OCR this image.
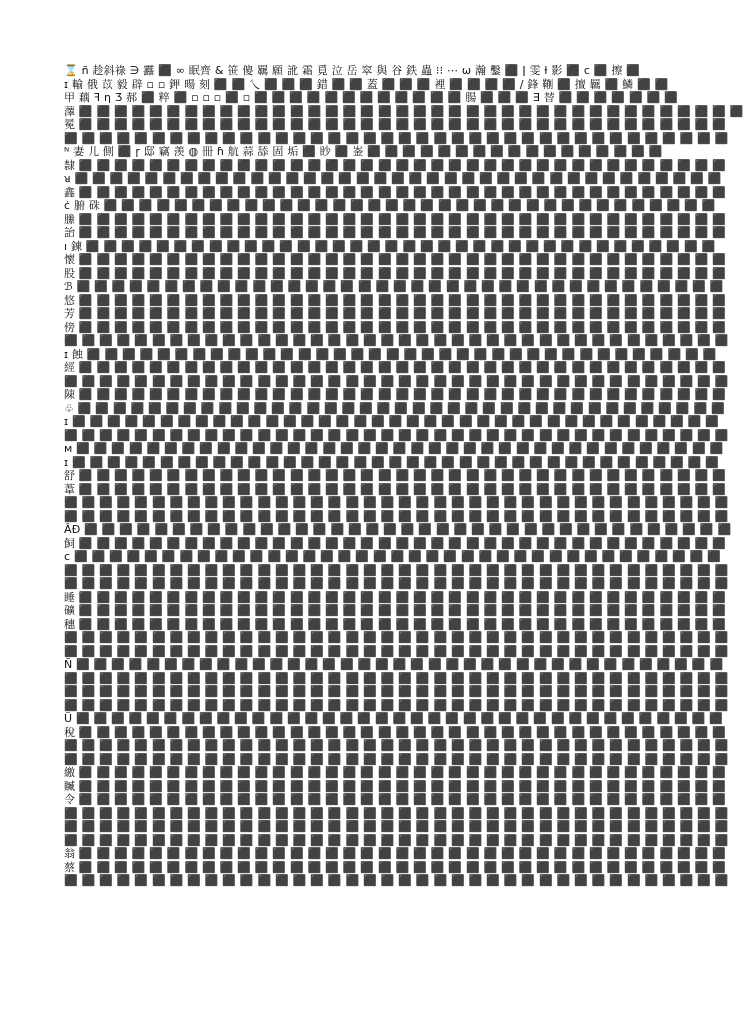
⌛ ñ 趁斜祿 ∋ 䨺 ⬛ ∞ 眠齊 & 笹 傻 羈 願 訛 霜 覓 泣 岳 窣 與 谷 鉄 蟲 ⁝⁝ ⋯ ω 瀚 鑿 ⬛ ǀ 雯 ƚ 影 ⬛ ᴄ ⬛ 擦 ⬛
ɪ 輸 俄 苡 毅 辟 ▫ ▫ 鉀 暘 刻 ⬛ ⬛ 乀 ⬛ ⬛ ⬛ 錯 ⬛ ⬛ 蓋 ⬛ ⬛ ⬛ 裡 ⬛ ⬛ ⬛ ⬛ ∕ 鋒 鞩 ⬛ 擅 羈 ⬛ 鱗 ⬛ ⬛
甲 藕 ꟻ η Ӡ 郝 ⬛ 粹 ⬛ ▫ ▫ ▫ ⬛ ▫ ⬛ ⬛ ⬛ ⬛ ⬛ ⬛ ⬛ ⬛ ⬛ ⬛ ⬛ ⬛ 腸 ⬛ ⬛ ⬛ ∃ 替 ⬛ ⬛ ⬛ ⬛ ⬛ ⬛ ⬛
䕪 ⬛ ⬛ ⬛ ⬛ ⬛ ⬛ ⬛ ⬛ ⬛ ⬛ ⬛ ⬛ ⬛ ⬛ ⬛ ⬛ ⬛ ⬛ ⬛ ⬛ ⬛ ⬛ ⬛ ⬛ ⬛ ⬛ ⬛ ⬛ ⬛ ⬛ ⬛ ⬛ ⬛ ⬛ ⬛ ⬛ ⬛ ⬛
冕 ⬛ ⬛ ⬛ ⬛ ⬛ ⬛ ⬛ ⬛ ⬛ ⬛ ⬛ ⬛ ⬛ ⬛ ⬛ ⬛ ⬛ ⬛ ⬛ ⬛ ⬛ ⬛ ⬛ ⬛ ⬛ ⬛ ⬛ ⬛ ⬛ ⬛ ⬛ ⬛ ⬛ ⬛ ⬛ ⬛ ⬛
⬛ ⬛ ⬛ ⬛ ⬛ ⬛ ⬛ ⬛ ⬛ ⬛ ⬛ ⬛ ⬛ ⬛ ⬛ ⬛ ⬛ ⬛ ⬛ ⬛ ⬛ ⬛ ⬛ ⬛ ⬛ ⬛ ⬛ ⬛ ⬛ ⬛ ⬛ ⬛ ⬛ ⬛ ⬛ ⬛ ⬛ ⬛
ᴺ 妻 儿 側 ⬛ ɼ 邸 竊 羡 ◍ 冊 ɦ 航 蒜 舔 固 垢 ⬛ 眇 ⬛ 崟 ⬛ ⬛ ⬛ ⬛ ⬛ ⬛ ⬛ ⬛ ⬛ ⬛ ⬛ ⬛ ⬛ ⬛ ⬛ ⬛ ⬛
隸 ⬛ ⬛ ⬛ ⬛ ⬛ ⬛ ⬛ ⬛ ⬛ ⬛ ⬛ ⬛ ⬛ ⬛ ⬛ ⬛ ⬛ ⬛ ⬛ ⬛ ⬛ ⬛ ⬛ ⬛ ⬛ ⬛ ⬛ ⬛ ⬛ ⬛ ⬛ ⬛ ⬛ ⬛ ⬛ ⬛ ⬛
ᴚ ⬛ ⬛ ⬛ ⬛ ⬛ ⬛ ⬛ ⬛ ⬛ ⬛ ⬛ ⬛ ⬛ ⬛ ⬛ ⬛ ⬛ ⬛ ⬛ ⬛ ⬛ ⬛ ⬛ ⬛ ⬛ ⬛ ⬛ ⬛ ⬛ ⬛ ⬛ ⬛ ⬛ ⬛ ⬛ ⬛ ⬛
鑫 ⬛ ⬛ ⬛ ⬛ ⬛ ⬛ ⬛ ⬛ ⬛ ⬛ ⬛ ⬛ ⬛ ⬛ ⬛ ⬛ ⬛ ⬛ ⬛ ⬛ ⬛ ⬛ ⬛ ⬛ ⬛ ⬛ ⬛ ⬛ ⬛ ⬛ ⬛ ⬛ ⬛ ⬛ ⬛ ⬛ ⬛
ċ 腑 硃 ⬛ ⬛ ⬛ ⬛ ⬛ ⬛ ⬛ ⬛ ⬛ ⬛ ⬛ ⬛ ⬛ ⬛ ⬛ ⬛ ⬛ ⬛ ⬛ ⬛ ⬛ ⬛ ⬛ ⬛ ⬛ ⬛ ⬛ ⬛ ⬛ ⬛ ⬛ ⬛ ⬛ ⬛ ⬛
縢 ⬛ ⬛ ⬛ ⬛ ⬛ ⬛ ⬛ ⬛ ⬛ ⬛ ⬛ ⬛ ⬛ ⬛ ⬛ ⬛ ⬛ ⬛ ⬛ ⬛ ⬛ ⬛ ⬛ ⬛ ⬛ ⬛ ⬛ ⬛ ⬛ ⬛ ⬛ ⬛ ⬛ ⬛ ⬛ ⬛ ⬛
詒 ⬛ ⬛ ⬛ ⬛ ⬛ ⬛ ⬛ ⬛ ⬛ ⬛ ⬛ ⬛ ⬛ ⬛ ⬛ ⬛ ⬛ ⬛ ⬛ ⬛ ⬛ ⬛ ⬛ ⬛ ⬛ ⬛ ⬛ ⬛ ⬛ ⬛ ⬛ ⬛ ⬛ ⬛ ⬛ ⬛ ⬛
ı 鍊 ⬛ ⬛ ⬛ ⬛ ⬛ ⬛ ⬛ ⬛ ⬛ ⬛ ⬛ ⬛ ⬛ ⬛ ⬛ ⬛ ⬛ ⬛ ⬛ ⬛ ⬛ ⬛ ⬛ ⬛ ⬛ ⬛ ⬛ ⬛ ⬛ ⬛ ⬛ ⬛ ⬛ ⬛ ⬛ ⬛
懷 ⬛ ⬛ ⬛ ⬛ ⬛ ⬛ ⬛ ⬛ ⬛ ⬛ ⬛ ⬛ ⬛ ⬛ ⬛ ⬛ ⬛ ⬛ ⬛ ⬛ ⬛ ⬛ ⬛ ⬛ ⬛ ⬛ ⬛ ⬛ ⬛ ⬛ ⬛ ⬛ ⬛ ⬛ ⬛ ⬛ ⬛
股 ⬛ ⬛ ⬛ ⬛ ⬛ ⬛ ⬛ ⬛ ⬛ ⬛ ⬛ ⬛ ⬛ ⬛ ⬛ ⬛ ⬛ ⬛ ⬛ ⬛ ⬛ ⬛ ⬛ ⬛ ⬛ ⬛ ⬛ ⬛ ⬛ ⬛ ⬛ ⬛ ⬛ ⬛ ⬛ ⬛ ⬛
ℬ ⬛ ⬛ ⬛ ⬛ ⬛ ⬛ ⬛ ⬛ ⬛ ⬛ ⬛ ⬛ ⬛ ⬛ ⬛ ⬛ ⬛ ⬛ ⬛ ⬛ ⬛ ⬛ ⬛ ⬛ ⬛ ⬛ ⬛ ⬛ ⬛ ⬛ ⬛ ⬛ ⬛ ⬛ ⬛ ⬛ ⬛
悠 ⬛ ⬛ ⬛ ⬛ ⬛ ⬛ ⬛ ⬛ ⬛ ⬛ ⬛ ⬛ ⬛ ⬛ ⬛ ⬛ ⬛ ⬛ ⬛ ⬛ ⬛ ⬛ ⬛ ⬛ ⬛ ⬛ ⬛ ⬛ ⬛ ⬛ ⬛ ⬛ ⬛ ⬛ ⬛ ⬛ ⬛
芳 ⬛ ⬛ ⬛ ⬛ ⬛ ⬛ ⬛ ⬛ ⬛ ⬛ ⬛ ⬛ ⬛ ⬛ ⬛ ⬛ ⬛ ⬛ ⬛ ⬛ ⬛ ⬛ ⬛ ⬛ ⬛ ⬛ ⬛ ⬛ ⬛ ⬛ ⬛ ⬛ ⬛ ⬛ ⬛ ⬛ ⬛
傍 ⬛ ⬛ ⬛ ⬛ ⬛ ⬛ ⬛ ⬛ ⬛ ⬛ ⬛ ⬛ ⬛ ⬛ ⬛ ⬛ ⬛ ⬛ ⬛ ⬛ ⬛ ⬛ ⬛ ⬛ ⬛ ⬛ ⬛ ⬛ ⬛ ⬛ ⬛ ⬛ ⬛ ⬛ ⬛ ⬛ ⬛
⬛ ⬛ ⬛ ⬛ ⬛ ⬛ ⬛ ⬛ ⬛ ⬛ ⬛ ⬛ ⬛ ⬛ ⬛ ⬛ ⬛ ⬛ ⬛ ⬛ ⬛ ⬛ ⬛ ⬛ ⬛ ⬛ ⬛ ⬛ ⬛ ⬛ ⬛ ⬛ ⬛ ⬛ ⬛ ⬛ ⬛ ⬛
ɪ 蝕 ⬛ ⬛ ⬛ ⬛ ⬛ ⬛ ⬛ ⬛ ⬛ ⬛ ⬛ ⬛ ⬛ ⬛ ⬛ ⬛ ⬛ ⬛ ⬛ ⬛ ⬛ ⬛ ⬛ ⬛ ⬛ ⬛ ⬛ ⬛ ⬛ ⬛ ⬛ ⬛ ⬛ ⬛ ⬛ ⬛
經 ⬛ ⬛ ⬛ ⬛ ⬛ ⬛ ⬛ ⬛ ⬛ ⬛ ⬛ ⬛ ⬛ ⬛ ⬛ ⬛ ⬛ ⬛ ⬛ ⬛ ⬛ ⬛ ⬛ ⬛ ⬛ ⬛ ⬛ ⬛ ⬛ ⬛ ⬛ ⬛ ⬛ ⬛ ⬛ ⬛ ⬛
⬛ ⬛ ⬛ ⬛ ⬛ ⬛ ⬛ ⬛ ⬛ ⬛ ⬛ ⬛ ⬛ ⬛ ⬛ ⬛ ⬛ ⬛ ⬛ ⬛ ⬛ ⬛ ⬛ ⬛ ⬛ ⬛ ⬛ ⬛ ⬛ ⬛ ⬛ ⬛ ⬛ ⬛ ⬛ ⬛ ⬛ ⬛
陳 ⬛ ⬛ ⬛ ⬛ ⬛ ⬛ ⬛ ⬛ ⬛ ⬛ ⬛ ⬛ ⬛ ⬛ ⬛ ⬛ ⬛ ⬛ ⬛ ⬛ ⬛ ⬛ ⬛ ⬛ ⬛ ⬛ ⬛ ⬛ ⬛ ⬛ ⬛ ⬛ ⬛ ⬛ ⬛ ⬛ ⬛
♧ ⬛ ⬛ ⬛ ⬛ ⬛ ⬛ ⬛ ⬛ ⬛ ⬛ ⬛ ⬛ ⬛ ⬛ ⬛ ⬛ ⬛ ⬛ ⬛ ⬛ ⬛ ⬛ ⬛ ⬛ ⬛ ⬛ ⬛ ⬛ ⬛ ⬛ ⬛ ⬛ ⬛ ⬛ ⬛ ⬛ ⬛
ɪ ⬛ ⬛ ⬛ ⬛ ⬛ ⬛ ⬛ ⬛ ⬛ ⬛ ⬛ ⬛ ⬛ ⬛ ⬛ ⬛ ⬛ ⬛ ⬛ ⬛ ⬛ ⬛ ⬛ ⬛ ⬛ ⬛ ⬛ ⬛ ⬛ ⬛ ⬛ ⬛ ⬛ ⬛ ⬛ ⬛ ⬛
⬛ ⬛ ⬛ ⬛ ⬛ ⬛ ⬛ ⬛ ⬛ ⬛ ⬛ ⬛ ⬛ ⬛ ⬛ ⬛ ⬛ ⬛ ⬛ ⬛ ⬛ ⬛ ⬛ ⬛ ⬛ ⬛ ⬛ ⬛ ⬛ ⬛ ⬛ ⬛ ⬛ ⬛ ⬛ ⬛ ⬛ ⬛
ᴍ ⬛ ⬛ ⬛ ⬛ ⬛ ⬛ ⬛ ⬛ ⬛ ⬛ ⬛ ⬛ ⬛ ⬛ ⬛ ⬛ ⬛ ⬛ ⬛ ⬛ ⬛ ⬛ ⬛ ⬛ ⬛ ⬛ ⬛ ⬛ ⬛ ⬛ ⬛ ⬛ ⬛ ⬛ ⬛ ⬛ ⬛
ɪ ⬛ ⬛ ⬛ ⬛ ⬛ ⬛ ⬛ ⬛ ⬛ ⬛ ⬛ ⬛ ⬛ ⬛ ⬛ ⬛ ⬛ ⬛ ⬛ ⬛ ⬛ ⬛ ⬛ ⬛ ⬛ ⬛ ⬛ ⬛ ⬛ ⬛ ⬛ ⬛ ⬛ ⬛ ⬛ ⬛ ⬛
舒 ⬛ ⬛ ⬛ ⬛ ⬛ ⬛ ⬛ ⬛ ⬛ ⬛ ⬛ ⬛ ⬛ ⬛ ⬛ ⬛ ⬛ ⬛ ⬛ ⬛ ⬛ ⬛ ⬛ ⬛ ⬛ ⬛ ⬛ ⬛ ⬛ ⬛ ⬛ ⬛ ⬛ ⬛ ⬛ ⬛ ⬛
葦 ⬛ ⬛ ⬛ ⬛ ⬛ ⬛ ⬛ ⬛ ⬛ ⬛ ⬛ ⬛ ⬛ ⬛ ⬛ ⬛ ⬛ ⬛ ⬛ ⬛ ⬛ ⬛ ⬛ ⬛ ⬛ ⬛ ⬛ ⬛ ⬛ ⬛ ⬛ ⬛ ⬛ ⬛ ⬛ ⬛ ⬛
⬛ ⬛ ⬛ ⬛ ⬛ ⬛ ⬛ ⬛ ⬛ ⬛ ⬛ ⬛ ⬛ ⬛ ⬛ ⬛ ⬛ ⬛ ⬛ ⬛ ⬛ ⬛ ⬛ ⬛ ⬛ ⬛ ⬛ ⬛ ⬛ ⬛ ⬛ ⬛ ⬛ ⬛ ⬛ ⬛ ⬛ ⬛
⬛ ⬛ ⬛ ⬛ ⬛ ⬛ ⬛ ⬛ ⬛ ⬛ ⬛ ⬛ ⬛ ⬛ ⬛ ⬛ ⬛ ⬛ ⬛ ⬛ ⬛ ⬛ ⬛ ⬛ ⬛ ⬛ ⬛ ⬛ ⬛ ⬛ ⬛ ⬛ ⬛ ⬛ ⬛ ⬛ ⬛ ⬛
ÂĐ ⬛ ⬛ ⬛ ⬛ ⬛ ⬛ ⬛ ⬛ ⬛ ⬛ ⬛ ⬛ ⬛ ⬛ ⬛ ⬛ ⬛ ⬛ ⬛ ⬛ ⬛ ⬛ ⬛ ⬛ ⬛ ⬛ ⬛ ⬛ ⬛ ⬛ ⬛ ⬛ ⬛ ⬛ ⬛ ⬛ ⬛
飼 ⬛ ⬛ ⬛ ⬛ ⬛ ⬛ ⬛ ⬛ ⬛ ⬛ ⬛ ⬛ ⬛ ⬛ ⬛ ⬛ ⬛ ⬛ ⬛ ⬛ ⬛ ⬛ ⬛ ⬛ ⬛ ⬛ ⬛ ⬛ ⬛ ⬛ ⬛ ⬛ ⬛ ⬛ ⬛ ⬛ ⬛
ᴄ ⬛ ⬛ ⬛ ⬛ ⬛ ⬛ ⬛ ⬛ ⬛ ⬛ ⬛ ⬛ ⬛ ⬛ ⬛ ⬛ ⬛ ⬛ ⬛ ⬛ ⬛ ⬛ ⬛ ⬛ ⬛ ⬛ ⬛ ⬛ ⬛ ⬛ ⬛ ⬛ ⬛ ⬛ ⬛ ⬛ ⬛
⬛ ⬛ ⬛ ⬛ ⬛ ⬛ ⬛ ⬛ ⬛ ⬛ ⬛ ⬛ ⬛ ⬛ ⬛ ⬛ ⬛ ⬛ ⬛ ⬛ ⬛ ⬛ ⬛ ⬛ ⬛ ⬛ ⬛ ⬛ ⬛ ⬛ ⬛ ⬛ ⬛ ⬛ ⬛ ⬛ ⬛ ⬛
⬛ ⬛ ⬛ ⬛ ⬛ ⬛ ⬛ ⬛ ⬛ ⬛ ⬛ ⬛ ⬛ ⬛ ⬛ ⬛ ⬛ ⬛ ⬛ ⬛ ⬛ ⬛ ⬛ ⬛ ⬛ ⬛ ⬛ ⬛ ⬛ ⬛ ⬛ ⬛ ⬛ ⬛ ⬛ ⬛ ⬛ ⬛
睡 ⬛ ⬛ ⬛ ⬛ ⬛ ⬛ ⬛ ⬛ ⬛ ⬛ ⬛ ⬛ ⬛ ⬛ ⬛ ⬛ ⬛ ⬛ ⬛ ⬛ ⬛ ⬛ ⬛ ⬛ ⬛ ⬛ ⬛ ⬛ ⬛ ⬛ ⬛ ⬛ ⬛ ⬛ ⬛ ⬛ ⬛
礦 ⬛ ⬛ ⬛ ⬛ ⬛ ⬛ ⬛ ⬛ ⬛ ⬛ ⬛ ⬛ ⬛ ⬛ ⬛ ⬛ ⬛ ⬛ ⬛ ⬛ ⬛ ⬛ ⬛ ⬛ ⬛ ⬛ ⬛ ⬛ ⬛ ⬛ ⬛ ⬛ ⬛ ⬛ ⬛ ⬛ ⬛
穗 ⬛ ⬛ ⬛ ⬛ ⬛ ⬛ ⬛ ⬛ ⬛ ⬛ ⬛ ⬛ ⬛ ⬛ ⬛ ⬛ ⬛ ⬛ ⬛ ⬛ ⬛ ⬛ ⬛ ⬛ ⬛ ⬛ ⬛ ⬛ ⬛ ⬛ ⬛ ⬛ ⬛ ⬛ ⬛ ⬛ ⬛
⬛ ⬛ ⬛ ⬛ ⬛ ⬛ ⬛ ⬛ ⬛ ⬛ ⬛ ⬛ ⬛ ⬛ ⬛ ⬛ ⬛ ⬛ ⬛ ⬛ ⬛ ⬛ ⬛ ⬛ ⬛ ⬛ ⬛ ⬛ ⬛ ⬛ ⬛ ⬛ ⬛ ⬛ ⬛ ⬛ ⬛ ⬛
⬛ ⬛ ⬛ ⬛ ⬛ ⬛ ⬛ ⬛ ⬛ ⬛ ⬛ ⬛ ⬛ ⬛ ⬛ ⬛ ⬛ ⬛ ⬛ ⬛ ⬛ ⬛ ⬛ ⬛ ⬛ ⬛ ⬛ ⬛ ⬛ ⬛ ⬛ ⬛ ⬛ ⬛ ⬛ ⬛ ⬛ ⬛
Ñ ⬛ ⬛ ⬛ ⬛ ⬛ ⬛ ⬛ ⬛ ⬛ ⬛ ⬛ ⬛ ⬛ ⬛ ⬛ ⬛ ⬛ ⬛ ⬛ ⬛ ⬛ ⬛ ⬛ ⬛ ⬛ ⬛ ⬛ ⬛ ⬛ ⬛ ⬛ ⬛ ⬛ ⬛ ⬛ ⬛ ⬛
⬛ ⬛ ⬛ ⬛ ⬛ ⬛ ⬛ ⬛ ⬛ ⬛ ⬛ ⬛ ⬛ ⬛ ⬛ ⬛ ⬛ ⬛ ⬛ ⬛ ⬛ ⬛ ⬛ ⬛ ⬛ ⬛ ⬛ ⬛ ⬛ ⬛ ⬛ ⬛ ⬛ ⬛ ⬛ ⬛ ⬛ ⬛
⬛ ⬛ ⬛ ⬛ ⬛ ⬛ ⬛ ⬛ ⬛ ⬛ ⬛ ⬛ ⬛ ⬛ ⬛ ⬛ ⬛ ⬛ ⬛ ⬛ ⬛ ⬛ ⬛ ⬛ ⬛ ⬛ ⬛ ⬛ ⬛ ⬛ ⬛ ⬛ ⬛ ⬛ ⬛ ⬛ ⬛ ⬛
⬛ ⬛ ⬛ ⬛ ⬛ ⬛ ⬛ ⬛ ⬛ ⬛ ⬛ ⬛ ⬛ ⬛ ⬛ ⬛ ⬛ ⬛ ⬛ ⬛ ⬛ ⬛ ⬛ ⬛ ⬛ ⬛ ⬛ ⬛ ⬛ ⬛ ⬛ ⬛ ⬛ ⬛ ⬛ ⬛ ⬛ ⬛
Ü ⬛ ⬛ ⬛ ⬛ ⬛ ⬛ ⬛ ⬛ ⬛ ⬛ ⬛ ⬛ ⬛ ⬛ ⬛ ⬛ ⬛ ⬛ ⬛ ⬛ ⬛ ⬛ ⬛ ⬛ ⬛ ⬛ ⬛ ⬛ ⬛ ⬛ ⬛ ⬛ ⬛ ⬛ ⬛ ⬛ ⬛
稅 ⬛ ⬛ ⬛ ⬛ ⬛ ⬛ ⬛ ⬛ ⬛ ⬛ ⬛ ⬛ ⬛ ⬛ ⬛ ⬛ ⬛ ⬛ ⬛ ⬛ ⬛ ⬛ ⬛ ⬛ ⬛ ⬛ ⬛ ⬛ ⬛ ⬛ ⬛ ⬛ ⬛ ⬛ ⬛ ⬛ ⬛
⬛ ⬛ ⬛ ⬛ ⬛ ⬛ ⬛ ⬛ ⬛ ⬛ ⬛ ⬛ ⬛ ⬛ ⬛ ⬛ ⬛ ⬛ ⬛ ⬛ ⬛ ⬛ ⬛ ⬛ ⬛ ⬛ ⬛ ⬛ ⬛ ⬛ ⬛ ⬛ ⬛ ⬛ ⬛ ⬛ ⬛ ⬛
⬛ ⬛ ⬛ ⬛ ⬛ ⬛ ⬛ ⬛ ⬛ ⬛ ⬛ ⬛ ⬛ ⬛ ⬛ ⬛ ⬛ ⬛ ⬛ ⬛ ⬛ ⬛ ⬛ ⬛ ⬛ ⬛ ⬛ ⬛ ⬛ ⬛ ⬛ ⬛ ⬛ ⬛ ⬛ ⬛ ⬛ ⬛
繳 ⬛ ⬛ ⬛ ⬛ ⬛ ⬛ ⬛ ⬛ ⬛ ⬛ ⬛ ⬛ ⬛ ⬛ ⬛ ⬛ ⬛ ⬛ ⬛ ⬛ ⬛ ⬛ ⬛ ⬛ ⬛ ⬛ ⬛ ⬛ ⬛ ⬛ ⬛ ⬛ ⬛ ⬛ ⬛ ⬛ ⬛
贓 ⬛ ⬛ ⬛ ⬛ ⬛ ⬛ ⬛ ⬛ ⬛ ⬛ ⬛ ⬛ ⬛ ⬛ ⬛ ⬛ ⬛ ⬛ ⬛ ⬛ ⬛ ⬛ ⬛ ⬛ ⬛ ⬛ ⬛ ⬛ ⬛ ⬛ ⬛ ⬛ ⬛ ⬛ ⬛ ⬛ ⬛
令 ⬛ ⬛ ⬛ ⬛ ⬛ ⬛ ⬛ ⬛ ⬛ ⬛ ⬛ ⬛ ⬛ ⬛ ⬛ ⬛ ⬛ ⬛ ⬛ ⬛ ⬛ ⬛ ⬛ ⬛ ⬛ ⬛ ⬛ ⬛ ⬛ ⬛ ⬛ ⬛ ⬛ ⬛ ⬛ ⬛ ⬛
⬛ ⬛ ⬛ ⬛ ⬛ ⬛ ⬛ ⬛ ⬛ ⬛ ⬛ ⬛ ⬛ ⬛ ⬛ ⬛ ⬛ ⬛ ⬛ ⬛ ⬛ ⬛ ⬛ ⬛ ⬛ ⬛ ⬛ ⬛ ⬛ ⬛ ⬛ ⬛ ⬛ ⬛ ⬛ ⬛ ⬛ ⬛
⬛ ⬛ ⬛ ⬛ ⬛ ⬛ ⬛ ⬛ ⬛ ⬛ ⬛ ⬛ ⬛ ⬛ ⬛ ⬛ ⬛ ⬛ ⬛ ⬛ ⬛ ⬛ ⬛ ⬛ ⬛ ⬛ ⬛ ⬛ ⬛ ⬛ ⬛ ⬛ ⬛ ⬛ ⬛ ⬛ ⬛ ⬛
⬛ ⬛ ⬛ ⬛ ⬛ ⬛ ⬛ ⬛ ⬛ ⬛ ⬛ ⬛ ⬛ ⬛ ⬛ ⬛ ⬛ ⬛ ⬛ ⬛ ⬛ ⬛ ⬛ ⬛ ⬛ ⬛ ⬛ ⬛ ⬛ ⬛ ⬛ ⬛ ⬛ ⬛ ⬛ ⬛ ⬛ ⬛
翁 ⬛ ⬛ ⬛ ⬛ ⬛ ⬛ ⬛ ⬛ ⬛ ⬛ ⬛ ⬛ ⬛ ⬛ ⬛ ⬛ ⬛ ⬛ ⬛ ⬛ ⬛ ⬛ ⬛ ⬛ ⬛ ⬛ ⬛ ⬛ ⬛ ⬛ ⬛ ⬛ ⬛ ⬛ ⬛ ⬛ ⬛
蔡 ⬛ ⬛ ⬛ ⬛ ⬛ ⬛ ⬛ ⬛ ⬛ ⬛ ⬛ ⬛ ⬛ ⬛ ⬛ ⬛ ⬛ ⬛ ⬛ ⬛ ⬛ ⬛ ⬛ ⬛ ⬛ ⬛ ⬛ ⬛ ⬛ ⬛ ⬛ ⬛ ⬛ ⬛ ⬛ ⬛ ⬛
⬛ ⬛ ⬛ ⬛ ⬛ ⬛ ⬛ ⬛ ⬛ ⬛ ⬛ ⬛ ⬛ ⬛ ⬛ ⬛ ⬛ ⬛ ⬛ ⬛ ⬛ ⬛ ⬛ ⬛ ⬛ ⬛ ⬛ ⬛ ⬛ ⬛ ⬛ ⬛ ⬛ ⬛ ⬛ ⬛ ⬛ ⬛
